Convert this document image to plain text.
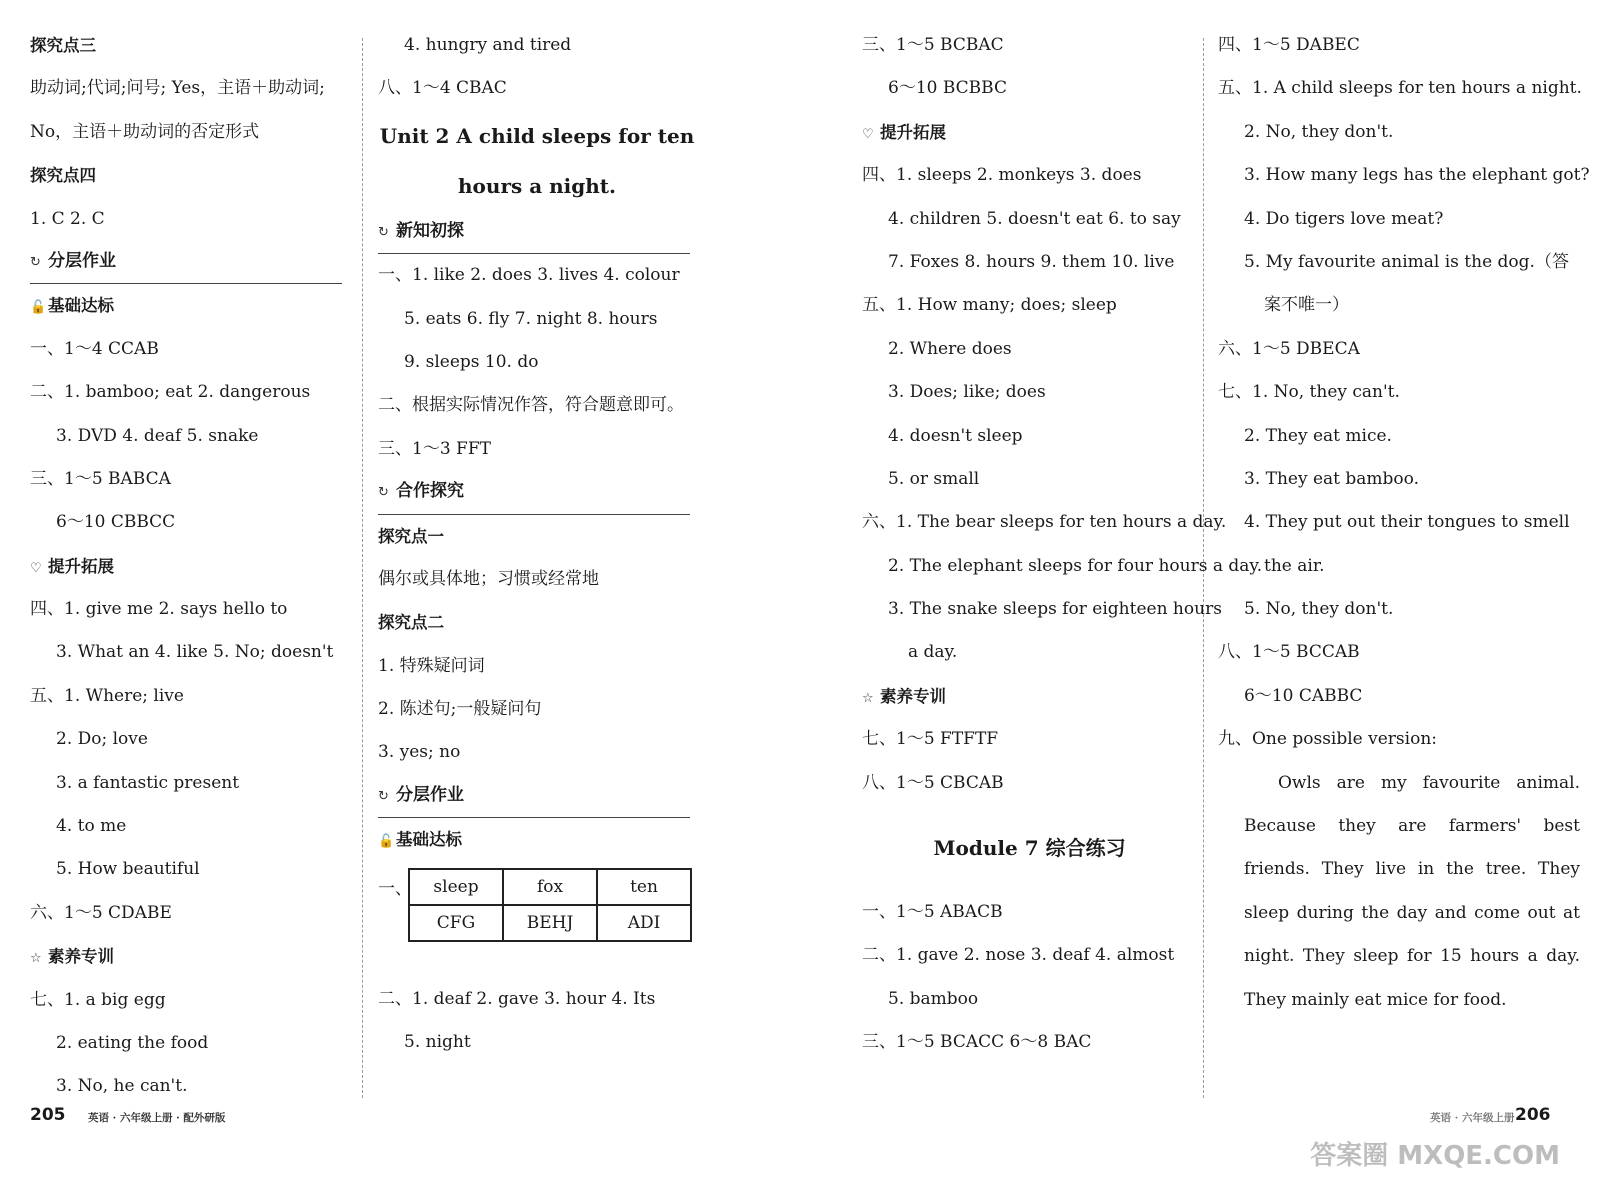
探究点三
助动词;代词;问号; Yes，主语＋助动词;
No，主语＋助动词的否定形式
探究点四
1. C 2. C
↻ 分层作业
🔓 基础达标
一、1～4 CCAB
二、1. bamboo; eat 2. dangerous
3. DVD 4. deaf 5. snake
三、1～5 BABCA
6～10 CBBCC
♡ 提升拓展
四、1. give me 2. says hello to
3. What an 4. like 5. No; doesn't
五、1. Where; live
2. Do; love
3. a fantastic present
4. to me
5. How beautiful
六、1～5 CDABE
☆ 素养专训
七、1. a big egg
2. eating the food
3. No, he can't.
4. hungry and tired
八、1～4 CBAC
Unit 2 A child sleeps for ten
hours a night.
↻ 新知初探
一、1. like 2. does 3. lives 4. colour
5. eats 6. fly 7. night 8. hours
9. sleeps 10. do
二、根据实际情况作答，符合题意即可。
三、1～3 FFT
↻ 合作探究
探究点一
偶尔或具体地；习惯或经常地
探究点二
1. 特殊疑问词
2. 陈述句;一般疑问句
3. yes; no
↻ 分层作业
🔓 基础达标
一、 sleep	fox	ten
CFG	BEHJ	ADI
二、1. deaf 2. gave 3. hour 4. Its
5. night
三、1～5 BCBAC
6～10 BCBBC
♡ 提升拓展
四、1. sleeps 2. monkeys 3. does
4. children 5. doesn't eat 6. to say
7. Foxes 8. hours 9. them 10. live
五、1. How many; does; sleep
2. Where does
3. Does; like; does
4. doesn't sleep
5. or small
六、1. The bear sleeps for ten hours a day.
2. The elephant sleeps for four hours a day.
3. The snake sleeps for eighteen hours
a day.
☆ 素养专训
七、1～5 FTFTF
八、1～5 CBCAB
Module 7 综合练习
一、1～5 ABACB
二、1. gave 2. nose 3. deaf 4. almost
5. bamboo
三、1～5 BCACC 6～8 BAC
四、1～5 DABEC
五、1. A child sleeps for ten hours a night.
2. No, they don't.
3. How many legs has the elephant got?
4. Do tigers love meat?
5. My favourite animal is the dog.（答
案不唯一）
六、1～5 DBECA
七、1. No, they can't.
2. They eat mice.
3. They eat bamboo.
4. They put out their tongues to smell
the air.
5. No, they don't.
八、1～5 BCCAB
6～10 CABBC
九、One possible version:
Owls are my favourite animal. Because they are farmers' best friends. They live in the tree. They sleep during the day and come out at night. They sleep for 15 hours a day. They mainly eat mice for food.
205 英语 · 六年级上册 · 配外研版	英语 · 六年级上册 206
答案圈 MXQE.COM
